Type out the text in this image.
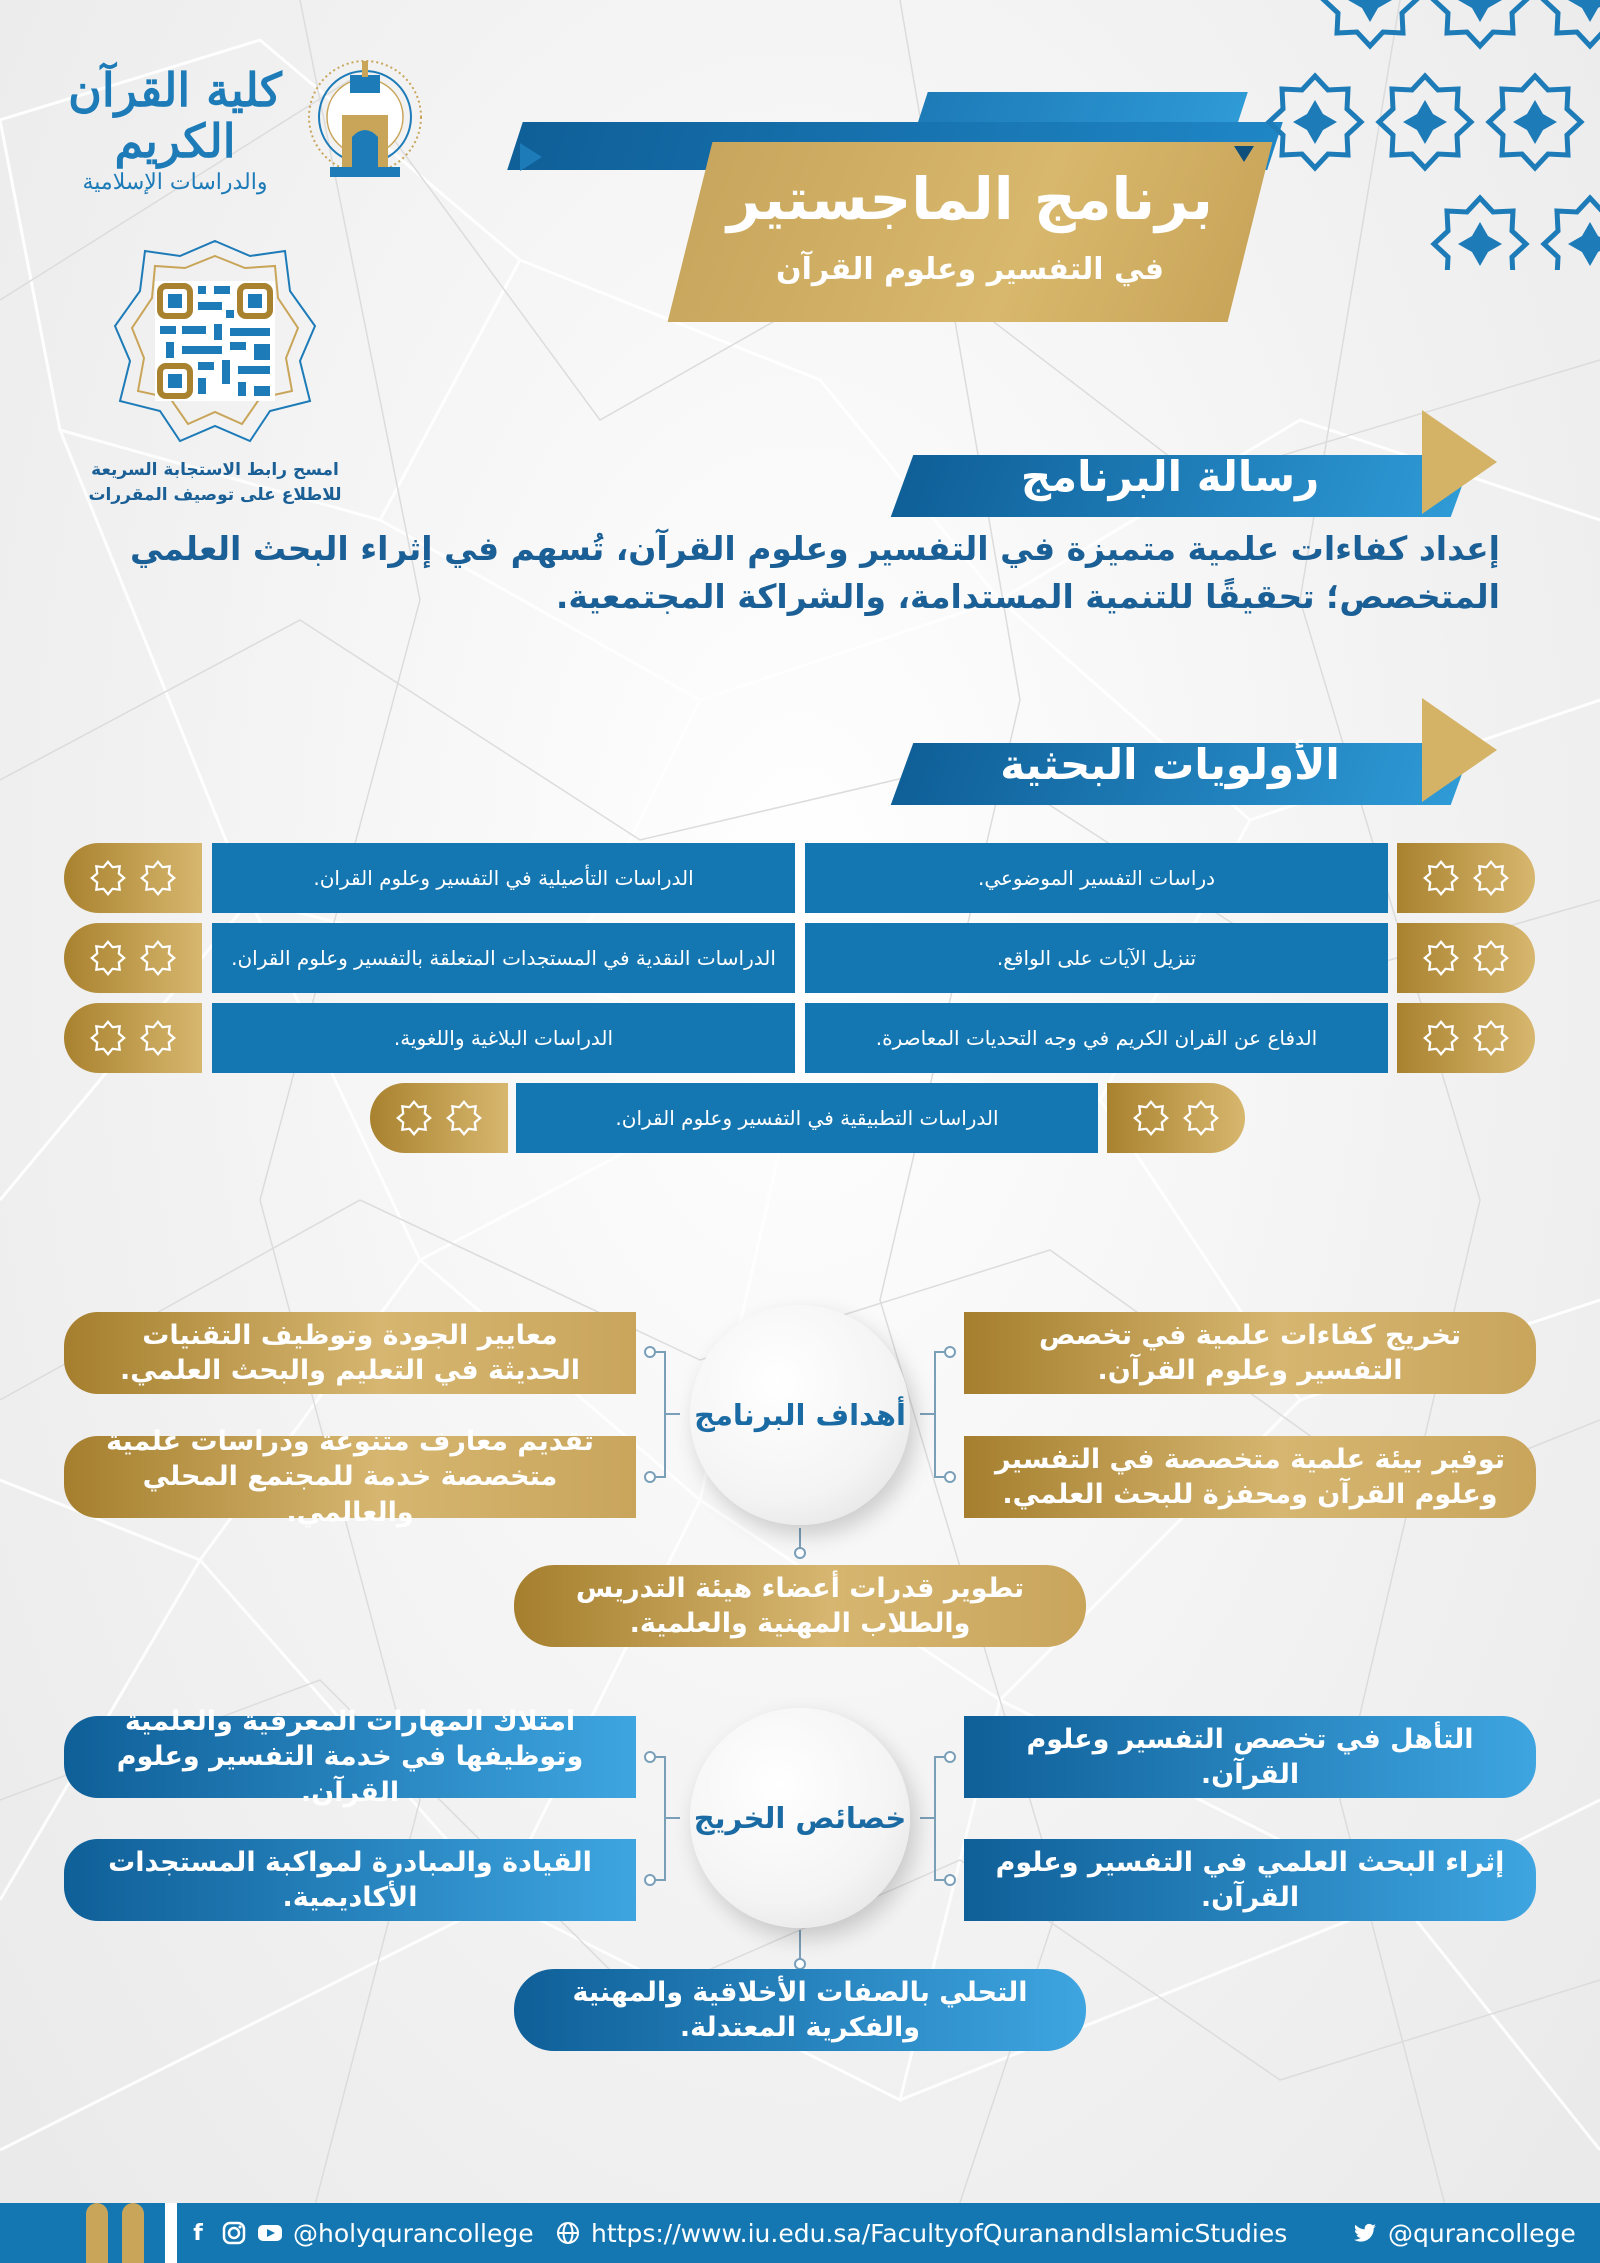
كلية القرآن الكريم
والدراسات الإسلامية	برنامج الماجستير
في التفسير وعلوم القرآن
امسح رابط الاستجابة السريعة
للاطلاع على توصيف المقررات	رسالة البرنامج
إعداد كفاءات علمية متميزة في التفسير وعلوم القرآن، تُسهم في إثراء البحث العلمي المتخصص؛ تحقيقًا للتنمية المستدامة، والشراكة المجتمعية.
الأولويات البحثية
دراسات التفسير الموضوعي.
الدراسات التأصيلية في التفسير وعلوم القران.
تنزيل الآيات على الواقع.
الدراسات النقدية في المستجدات المتعلقة بالتفسير وعلوم القران.
الدفاع عن القران الكريم في وجه التحديات المعاصرة.
الدراسات البلاغية واللغوية.
الدراسات التطبيقية في التفسير وعلوم القران.
تخريج كفاءات علمية في تخصص التفسير وعلوم القرآن.
معايير الجودة وتوظيف التقنيات الحديثة في التعليم والبحث العلمي.
توفير بيئة علمية متخصصة في التفسير وعلوم القرآن ومحفزة للبحث العلمي.
تقديم معارف متنوعة ودراسات علمية متخصصة خدمة للمجتمع المحلي والعالمي.
أهداف البرنامج
تطوير قدرات أعضاء هيئة التدريس والطلاب المهنية والعلمية.
التأهل في تخصص التفسير وعلوم القرآن.
امتلاك المهارات المعرفية والعلمية وتوظيفها في خدمة التفسير وعلوم القرآن.
إثراء البحث العلمي في التفسير وعلوم القرآن.
القيادة والمبادرة لمواكبة المستجدات الأكاديمية.
خصائص الخريج
التحلي بالصفات الأخلاقية والمهنية والفكرية المعتدلة.
f	@holyqurancollege https://www.iu.edu.sa/FacultyofQuranandIslamicStudies	@qurancollege
